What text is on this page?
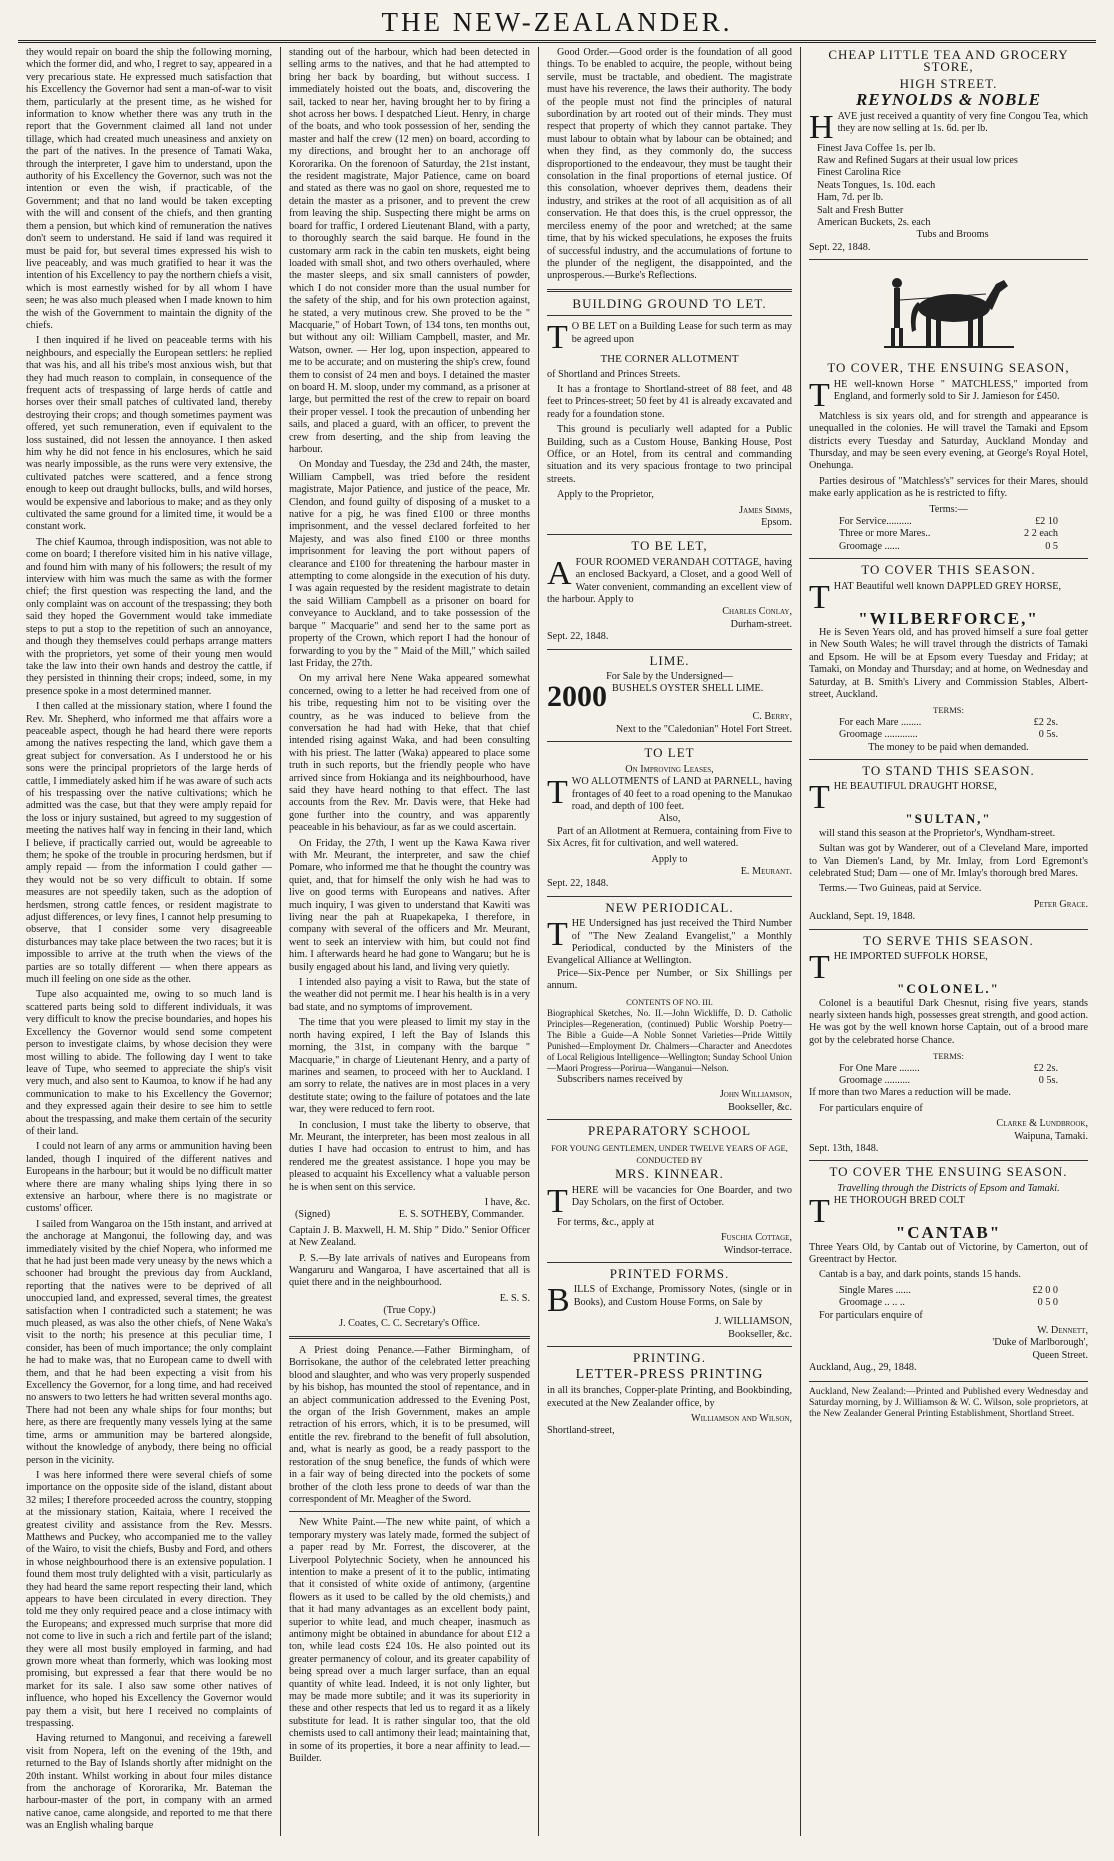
THE NEW-ZEALANDER.

they would repair on board the ship the following morning, which the former did, and who, I regret to say, appeared in a very precarious state. He expressed much satisfaction that his Excellency the Governor had sent a man-of-war to visit them, particularly at the present time, as he wished for information to know whether there was any truth in the report that the Government claimed all land not under tillage, which had created much uneasiness and anxiety on the part of the natives. In the presence of Tamati Waka, through the interpreter, I gave him to understand, upon the authority of his Excellency the Governor, such was not the intention or even the wish, if practicable, of the Government; and that no land would be taken excepting with the will and consent of the chiefs, and then granting them a pension, but which kind of remuneration the natives don't seem to understand. He said if land was required it must be paid for, but several times expressed his wish to live peaceably, and was much gratified to hear it was the intention of his Excellency to pay the northern chiefs a visit, which is most earnestly wished for by all whom I have seen; he was also much pleased when I made known to him the wish of the Government to maintain the dignity of the chiefs.

I then inquired if he lived on peaceable terms with his neighbours, and especially the European settlers: he replied that was his, and all his tribe's most anxious wish, but that they had much reason to complain, in consequence of the frequent acts of trespassing of large herds of cattle and horses over their small patches of cultivated land, thereby destroying their crops; and though sometimes payment was offered, yet such remuneration, even if equivalent to the loss sustained, did not lessen the annoyance. I then asked him why he did not fence in his enclosures, which he said was nearly impossible, as the runs were very extensive, the cultivated patches were scattered, and a fence strong enough to keep out draught bullocks, bulls, and wild horses, would be expensive and laborious to make; and as they only cultivated the same ground for a limited time, it would be a constant work.

The chief Kaumoa, through indisposition, was not able to come on board; I therefore visited him in his native village, and found him with many of his followers; the result of my interview with him was much the same as with the former chief; the first question was respecting the land, and the only complaint was on account of the trespassing; they both said they hoped the Government would take immediate steps to put a stop to the repetition of such an annoyance, and though they themselves could perhaps arrange matters with the proprietors, yet some of their young men would take the law into their own hands and destroy the cattle, if they persisted in thinning their crops; indeed, some, in my presence spoke in a most determined manner.

I then called at the missionary station, where I found the Rev. Mr. Shepherd, who informed me that affairs wore a peaceable aspect, though he had heard there were reports among the natives respecting the land, which gave them a great subject for conversation. As I understood he or his sons were the principal proprietors of the large herds of cattle, I immediately asked him if he was aware of such acts of his trespassing over the native cultivations; which he admitted was the case, but that they were amply repaid for the loss or injury sustained, but agreed to my suggestion of meeting the natives half way in fencing in their land, which I believe, if practically carried out, would be agreeable to them; he spoke of the trouble in procuring herdsmen, but if amply repaid — from the information I could gather — they would not be so very difficult to obtain. If some measures are not speedily taken, such as the adoption of herdsmen, strong cattle fences, or resident magistrate to adjust differences, or levy fines, I cannot help presuming to observe, that I consider some very disagreeable disturbances may take place between the two races; but it is impossible to arrive at the truth when the views of the parties are so totally different — when there appears as much ill feeling on one side as the other.

Tupe also acquainted me, owing to so much land is scattered parts being sold to different individuals, it was very difficult to know the precise boundaries, and hopes his Excellency the Governor would send some competent person to investigate claims, by whose decision they were most willing to abide. The following day I went to take leave of Tupe, who seemed to appreciate the ship's visit very much, and also sent to Kaumoa, to know if he had any communication to make to his Excellency the Governor; and they expressed again their desire to see him to settle about the trespassing, and make them certain of the security of their land.

I could not learn of any arms or ammunition having been landed, though I inquired of the different natives and Europeans in the harbour; but it would be no difficult matter where there are many whaling ships lying there in so extensive an harbour, where there is no magistrate or customs' officer.

I sailed from Wangaroa on the 15th instant, and arrived at the anchorage at Mangonui, the following day, and was immediately visited by the chief Nopera, who informed me that he had just been made very uneasy by the news which a schooner had brought the previous day from Auckland, reporting that the natives were to be deprived of all unoccupied land, and expressed, several times, the greatest satisfaction when I contradicted such a statement; he was much pleased, as was also the other chiefs, of Nene Waka's visit to the north; his presence at this peculiar time, I consider, has been of much importance; the only complaint he had to make was, that no European came to dwell with them, and that he had been expecting a visit from his Excellency the Governor, for a long time, and had received no answers to two letters he had written several months ago. There had not been any whale ships for four months; but here, as there are frequently many vessels lying at the same time, arms or ammunition may be bartered alongside, without the knowledge of anybody, there being no official person in the vicinity.

I was here informed there were several chiefs of some importance on the opposite side of the island, distant about 32 miles; I therefore proceeded across the country, stopping at the missionary station, Kaitaia, where I received the greatest civility and assistance from the Rev. Messrs. Matthews and Puckey, who accompanied me to the valley of the Wairo, to visit the chiefs, Busby and Ford, and others in whose neighbourhood there is an extensive population. I found them most truly delighted with a visit, particularly as they had heard the same report respecting their land, which appears to have been circulated in every direction. They told me they only required peace and a close intimacy with the Europeans; and expressed much surprise that more did not come to live in such a rich and fertile part of the island; they were all most busily employed in farming, and had grown more wheat than formerly, which was looking most promising, but expressed a fear that there would be no market for its sale. I also saw some other natives of influence, who hoped his Excellency the Governor would pay them a visit, but here I received no complaints of trespassing.

Having returned to Mangonui, and receiving a farewell visit from Nopera, left on the evening of the 19th, and returned to the Bay of Islands shortly after midnight on the 20th instant. Whilst working in about four miles distance from the anchorage of Kororarika, Mr. Bateman the harbour-master of the port, in company with an armed native canoe, came alongside, and reported to me that there was an English whaling barque

standing out of the harbour, which had been detected in selling arms to the natives, and that he had attempted to bring her back by boarding, but without success. I immediately hoisted out the boats, and, discovering the sail, tacked to near her, having brought her to by firing a shot across her bows. I despatched Lieut. Henry, in charge of the boats, and who took possession of her, sending the master and half the crew (12 men) on board, according to my directions, and brought her to an anchorage off Kororarika. On the forenoon of Saturday, the 21st instant, the resident magistrate, Major Patience, came on board and stated as there was no gaol on shore, requested me to detain the master as a prisoner, and to prevent the crew from leaving the ship. Suspecting there might be arms on board for traffic, I ordered Lieutenant Bland, with a party, to thoroughly search the said barque. He found in the customary arm rack in the cabin ten muskets, eight being loaded with small shot, and two others overhauled, where the master sleeps, and six small cannisters of powder, which I do not consider more than the usual number for the safety of the ship, and for his own protection against, he stated, a very mutinous crew. She proved to be the " Macquarie," of Hobart Town, of 134 tons, ten months out, but without any oil: William Campbell, master, and Mr. Watson, owner. — Her log, upon inspection, appeared to me to be accurate; and on mustering the ship's crew, found them to consist of 24 men and boys. I detained the master on board H. M. sloop, under my command, as a prisoner at large, but permitted the rest of the crew to repair on board their proper vessel. I took the precaution of unbending her sails, and placed a guard, with an officer, to prevent the crew from deserting, and the ship from leaving the harbour.

On Monday and Tuesday, the 23d and 24th, the master, William Campbell, was tried before the resident magistrate, Major Patience, and justice of the peace, Mr. Clendon, and found guilty of disposing of a musket to a native for a pig, he was fined £100 or three months imprisonment, and the vessel declared forfeited to her Majesty, and was also fined £100 or three months imprisonment for leaving the port without papers of clearance and £100 for threatening the harbour master in attempting to come alongside in the execution of his duty. I was again requested by the resident magistrate to detain the said William Campbell as a prisoner on board for conveyance to Auckland, and to take possession of the barque " Macquarie" and send her to the same port as property of the Crown, which report I had the honour of forwarding to you by the " Maid of the Mill," which sailed last Friday, the 27th.

On my arrival here Nene Waka appeared somewhat concerned, owing to a letter he had received from one of his tribe, requesting him not to be visiting over the country, as he was induced to believe from the conversation he had had with Heke, that that chief intended rising against Waka, and had been consulting with his priest. The latter (Waka) appeared to place some truth in such reports, but the friendly people who have arrived since from Hokianga and its neighbourhood, have said they have heard nothing to that effect. The last accounts from the Rev. Mr. Davis were, that Heke had gone further into the country, and was apparently peaceable in his behaviour, as far as we could ascertain.

On Friday, the 27th, I went up the Kawa Kawa river with Mr. Meurant, the interpreter, and saw the chief Pomare, who informed me that he thought the country was quiet, and, that for himself the only wish he had was to live on good terms with Europeans and natives. After much inquiry, I was given to understand that Kawiti was living near the pah at Ruapekapeka, I therefore, in company with several of the officers and Mr. Meurant, went to seek an interview with him, but could not find him. I afterwards heard he had gone to Wangaru; but he is busily engaged about his land, and living very quietly.

I intended also paying a visit to Rawa, but the state of the weather did not permit me. I hear his health is in a very bad state, and no symptoms of improvement.

The time that you were pleased to limit my stay in the north having expired, I left the Bay of Islands this morning, the 31st, in company with the barque " Macquarie," in charge of Lieutenant Henry, and a party of marines and seamen, to proceed with her to Auckland. I am sorry to relate, the natives are in most places in a very destitute state; owing to the failure of potatoes and the late war, they were reduced to fern root.

In conclusion, I must take the liberty to observe, that Mr. Meurant, the interpreter, has been most zealous in all duties I have had occasion to entrust to him, and has rendered me the greatest assistance. I hope you may be pleased to acquaint his Excellency what a valuable person he is when sent on this service.

I have, &c.
(Signed)	E. S. SOTHEBY, Commander.

Captain J. B. Maxwell, H. M. Ship " Dido." Senior Officer at New Zealand.

P. S.—By late arrivals of natives and Europeans from Wangaruru and Wangaroa, I have ascertained that all is quiet there and in the neighbourhood.

E. S. S.
(True Copy.)
J. Coates, C. C. Secretary's Office.

A Priest doing Penance.—Father Birmingham, of Borrisokane, the author of the celebrated letter preaching blood and slaughter, and who was very properly suspended by his bishop, has mounted the stool of repentance, and in an abject communication addressed to the Evening Post, the organ of the Irish Government, makes an ample retraction of his errors, which, it is to be presumed, will entitle the rev. firebrand to the benefit of full absolution, and, what is nearly as good, be a ready passport to the restoration of the snug benefice, the funds of which were in a fair way of being directed into the pockets of some brother of the cloth less prone to deeds of war than the correspondent of Mr. Meagher of the Sword.

New White Paint.—The new white paint, of which a temporary mystery was lately made, formed the subject of a paper read by Mr. Forrest, the discoverer, at the Liverpool Polytechnic Society, when he announced his intention to make a present of it to the public, intimating that it consisted of white oxide of antimony, (argentine flowers as it used to be called by the old chemists,) and that it had many advantages as an excellent body paint, superior to white lead, and much cheaper, inasmuch as antimony might be obtained in abundance for about £12 a ton, while lead costs £24 10s. He also pointed out its greater permanency of colour, and its greater capability of being spread over a much larger surface, than an equal quantity of white lead. Indeed, it is not only lighter, but may be made more subtile; and it was its superiority in these and other respects that led us to regard it as a likely substitute for lead. It is rather singular too, that the old chemists used to call antimony their lead; maintaining that, in some of its properties, it bore a near affinity to lead.—Builder.

Good Order.—Good order is the foundation of all good things. To be enabled to acquire, the people, without being servile, must be tractable, and obedient. The magistrate must have his reverence, the laws their authority. The body of the people must not find the principles of natural subordination by art rooted out of their minds. They must respect that property of which they cannot partake. They must labour to obtain what by labour can be obtained; and when they find, as they commonly do, the success disproportioned to the endeavour, they must be taught their consolation in the final proportions of eternal justice. Of this consolation, whoever deprives them, deadens their industry, and strikes at the root of all acquisition as of all conservation. He that does this, is the cruel oppressor, the merciless enemy of the poor and wretched; at the same time, that by his wicked speculations, he exposes the fruits of successful industry, and the accumulations of fortune to the plunder of the negligent, the disappointed, and the unprosperous.—Burke's Reflections.

BUILDING GROUND TO LET.
T O BE LET on a Building Lease for such term as may be agreed upon
THE CORNER ALLOTMENT

of Shortland and Princes Streets.

It has a frontage to Shortland-street of 88 feet, and 48 feet to Princes-street; 50 feet by 41 is already excavated and ready for a foundation stone.

This ground is peculiarly well adapted for a Public Building, such as a Custom House, Banking House, Post Office, or an Hotel, from its central and commanding situation and its very spacious frontage to two principal streets.

Apply to the Proprietor,

James Simms,
Epsom.
TO BE LET,
A FOUR ROOMED VERANDAH COTTAGE, having an enclosed Backyard, a Closet, and a good Well of Water convenient, commanding an excellent view of the harbour. Apply to
Charles Conlay,
Durham-street.
Sept. 22, 1848.
LIME.
For Sale by the Undersigned—
2000 BUSHELS OYSTER SHELL LIME.
C. Berry,
Next to the "Caledonian" Hotel Fort Street.
TO LET
On Improving Leases,
T WO ALLOTMENTS of LAND at PARNELL, having frontages of 40 feet to a road opening to the Manukao road, and depth of 100 feet.
Also,

Part of an Allotment at Remuera, containing from Five to Six Acres, fit for cultivation, and well watered.

Apply to
E. Meurant.
Sept. 22, 1848.
NEW PERIODICAL.
T HE Undersigned has just received the Third Number of "The New Zealand Evangelist," a Monthly Periodical, conducted by the Ministers of the Evangelical Alliance at Wellington.

Price—Six-Pence per Number, or Six Shillings per annum.

CONTENTS OF NO. III.
Biographical Sketches, No. II.—John Wickliffe, D. D. Catholic Principles—Regeneration, (continued) Public Worship Poetry—The Bible a Guide—A Noble Sonnet Varieties—Pride Wittily Punished—Employment Dr. Chalmers—Character and Anecdotes of Local Religious Intelligence—Wellington; Sunday School Union—Maori Progress—Porirua—Wanganui—Nelson.

Subscribers names received by

John Williamson,
Bookseller, &c.
PREPARATORY SCHOOL
FOR YOUNG GENTLEMEN, UNDER TWELVE YEARS OF AGE, CONDUCTED BY
MRS. KINNEAR.
T HERE will be vacancies for One Boarder, and two Day Scholars, on the first of October.

For terms, &c., apply at

Fuschia Cottage,
Windsor-terrace.
PRINTED FORMS.
B ILLS of Exchange, Promissory Notes, (single or in Books), and Custom House Forms, on Sale by
J. WILLIAMSON,
Bookseller, &c.
PRINTING.
LETTER-PRESS PRINTING

in all its branches, Copper-plate Printing, and Bookbinding, executed at the New Zealander office, by

Williamson and Wilson,
Shortland-street,
CHEAP LITTLE TEA AND GROCERY STORE,
HIGH STREET.
REYNOLDS & NOBLE
H AVE just received a quantity of very fine Congou Tea, which they are now selling at 1s. 6d. per lb.
Finest Java Coffee 1s. per lb.
Raw and Refined Sugars at their usual low prices
Finest Carolina Rice
Neats Tongues, 1s. 10d. each
Ham, 7d. per lb.
Salt and Fresh Butter
American Buckets, 2s. each
Tubs and Brooms
Sept. 22, 1848.
TO COVER, THE ENSUING SEASON,
T HE well-known Horse " MATCHLESS," imported from England, and formerly sold to Sir J. Jamieson for £450.

Matchless is six years old, and for strength and appearance is unequalled in the colonies. He will travel the Tamaki and Epsom districts every Tuesday and Saturday, Auckland Monday and Thursday, and may be seen every evening, at George's Royal Hotel, Onehunga.

Parties desirous of "Matchless's" services for their Mares, should make early application as he is restricted to fifty.

Terms:—
For Service..........	£2 10
Three or more Mares..	2 2 each
Groomage ......	0 5
TO COVER THIS SEASON.
T HAT Beautiful well known DAPPLED GREY HORSE,
"WILBERFORCE,"

He is Seven Years old, and has proved himself a sure foal getter in New South Wales; he will travel through the districts of Tamaki and Epsom. He will be at Epsom every Tuesday and Friday; at Tamaki, on Monday and Thursday; and at home, on Wednesday and Saturday, at B. Smith's Livery and Commission Stables, Albert-street, Auckland.

TERMS:
For each Mare ........	£2 2s.
Groomage .............	0 5s.
The money to be paid when demanded.
TO STAND THIS SEASON.
T HE BEAUTIFUL DRAUGHT HORSE,
"SULTAN,"

will stand this season at the Proprietor's, Wyndham-street.

Sultan was got by Wanderer, out of a Cleveland Mare, imported to Van Diemen's Land, by Mr. Imlay, from Lord Egremont's celebrated Stud; Dam — one of Mr. Imlay's thorough bred Mares.

Terms.— Two Guineas, paid at Service.

Peter Grace.
Auckland, Sept. 19, 1848.
TO SERVE THIS SEASON.
T HE IMPORTED SUFFOLK HORSE,
"COLONEL."

Colonel is a beautiful Dark Chesnut, rising five years, stands nearly sixteen hands high, possesses great strength, and good action. He was got by the well known horse Captain, out of a brood mare got by the celebrated horse Chance.

TERMS:
For One Mare ........	£2 2s.
Groomage ..........	0 5s.

If more than two Mares a reduction will be made.

For particulars enquire of

Clarke & Lundbrook,
Waipuna, Tamaki.
Sept. 13th, 1848.
TO COVER THE ENSUING SEASON.
Travelling through the Districts of Epsom and Tamaki.
T HE THOROUGH BRED COLT
"CANTAB"

Three Years Old, by Cantab out of Victorine, by Camerton, out of Greentract by Hector.

Cantab is a bay, and dark points, stands 15 hands.

Single Mares ......	£2 0 0
Groomage .. .. ..	0 5 0

For particulars enquire of

W. Dennett,
'Duke of Marlborough',
Queen Street.
Auckland, Aug., 29, 1848.
Auckland, New Zealand:—Printed and Published every Wednesday and Saturday morning, by J. Williamson & W. C. Wilson, sole proprietors, at the New Zealander General Printing Establishment, Shortland Street.
